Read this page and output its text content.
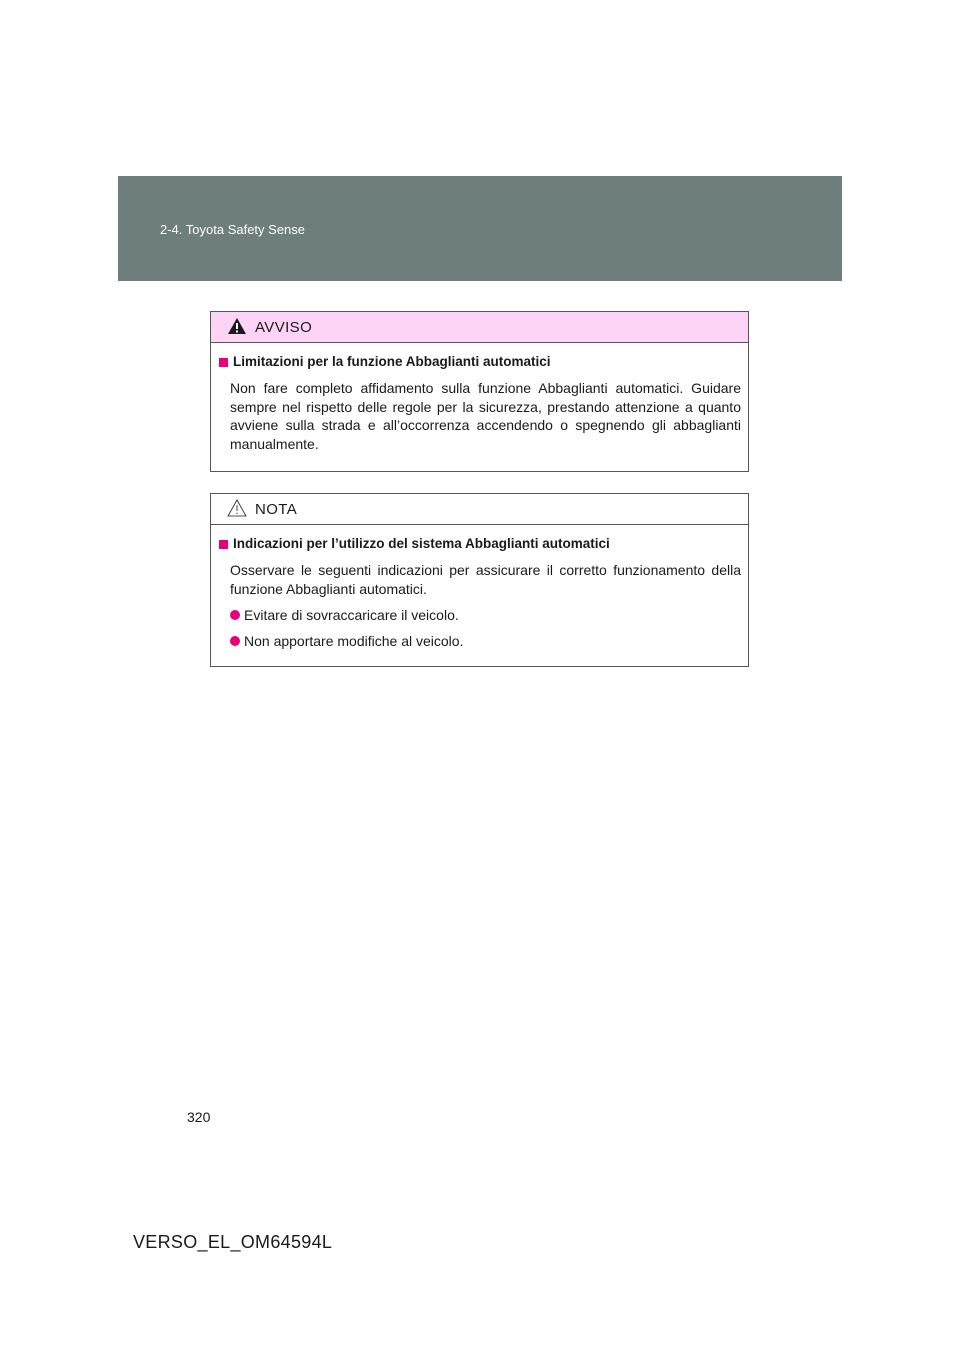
2-4. Toyota Safety Sense
AVVISO
Limitazioni per la funzione Abbaglianti automatici

Non fare completo affidamento sulla funzione Abbaglianti automatici. Guidare sempre nel rispetto delle regole per la sicurezza, prestando attenzione a quanto avviene sulla strada e all’occorrenza accendendo o spegnendo gli abbaglianti manualmente.

NOTA
Indicazioni per l’utilizzo del sistema Abbaglianti automatici

Osservare le seguenti indicazioni per assicurare il corretto funzionamento della funzione Abbaglianti automatici.

Evitare di sovraccaricare il veicolo.
Non apportare modifiche al veicolo.
320
VERSO_EL_OM64594L
